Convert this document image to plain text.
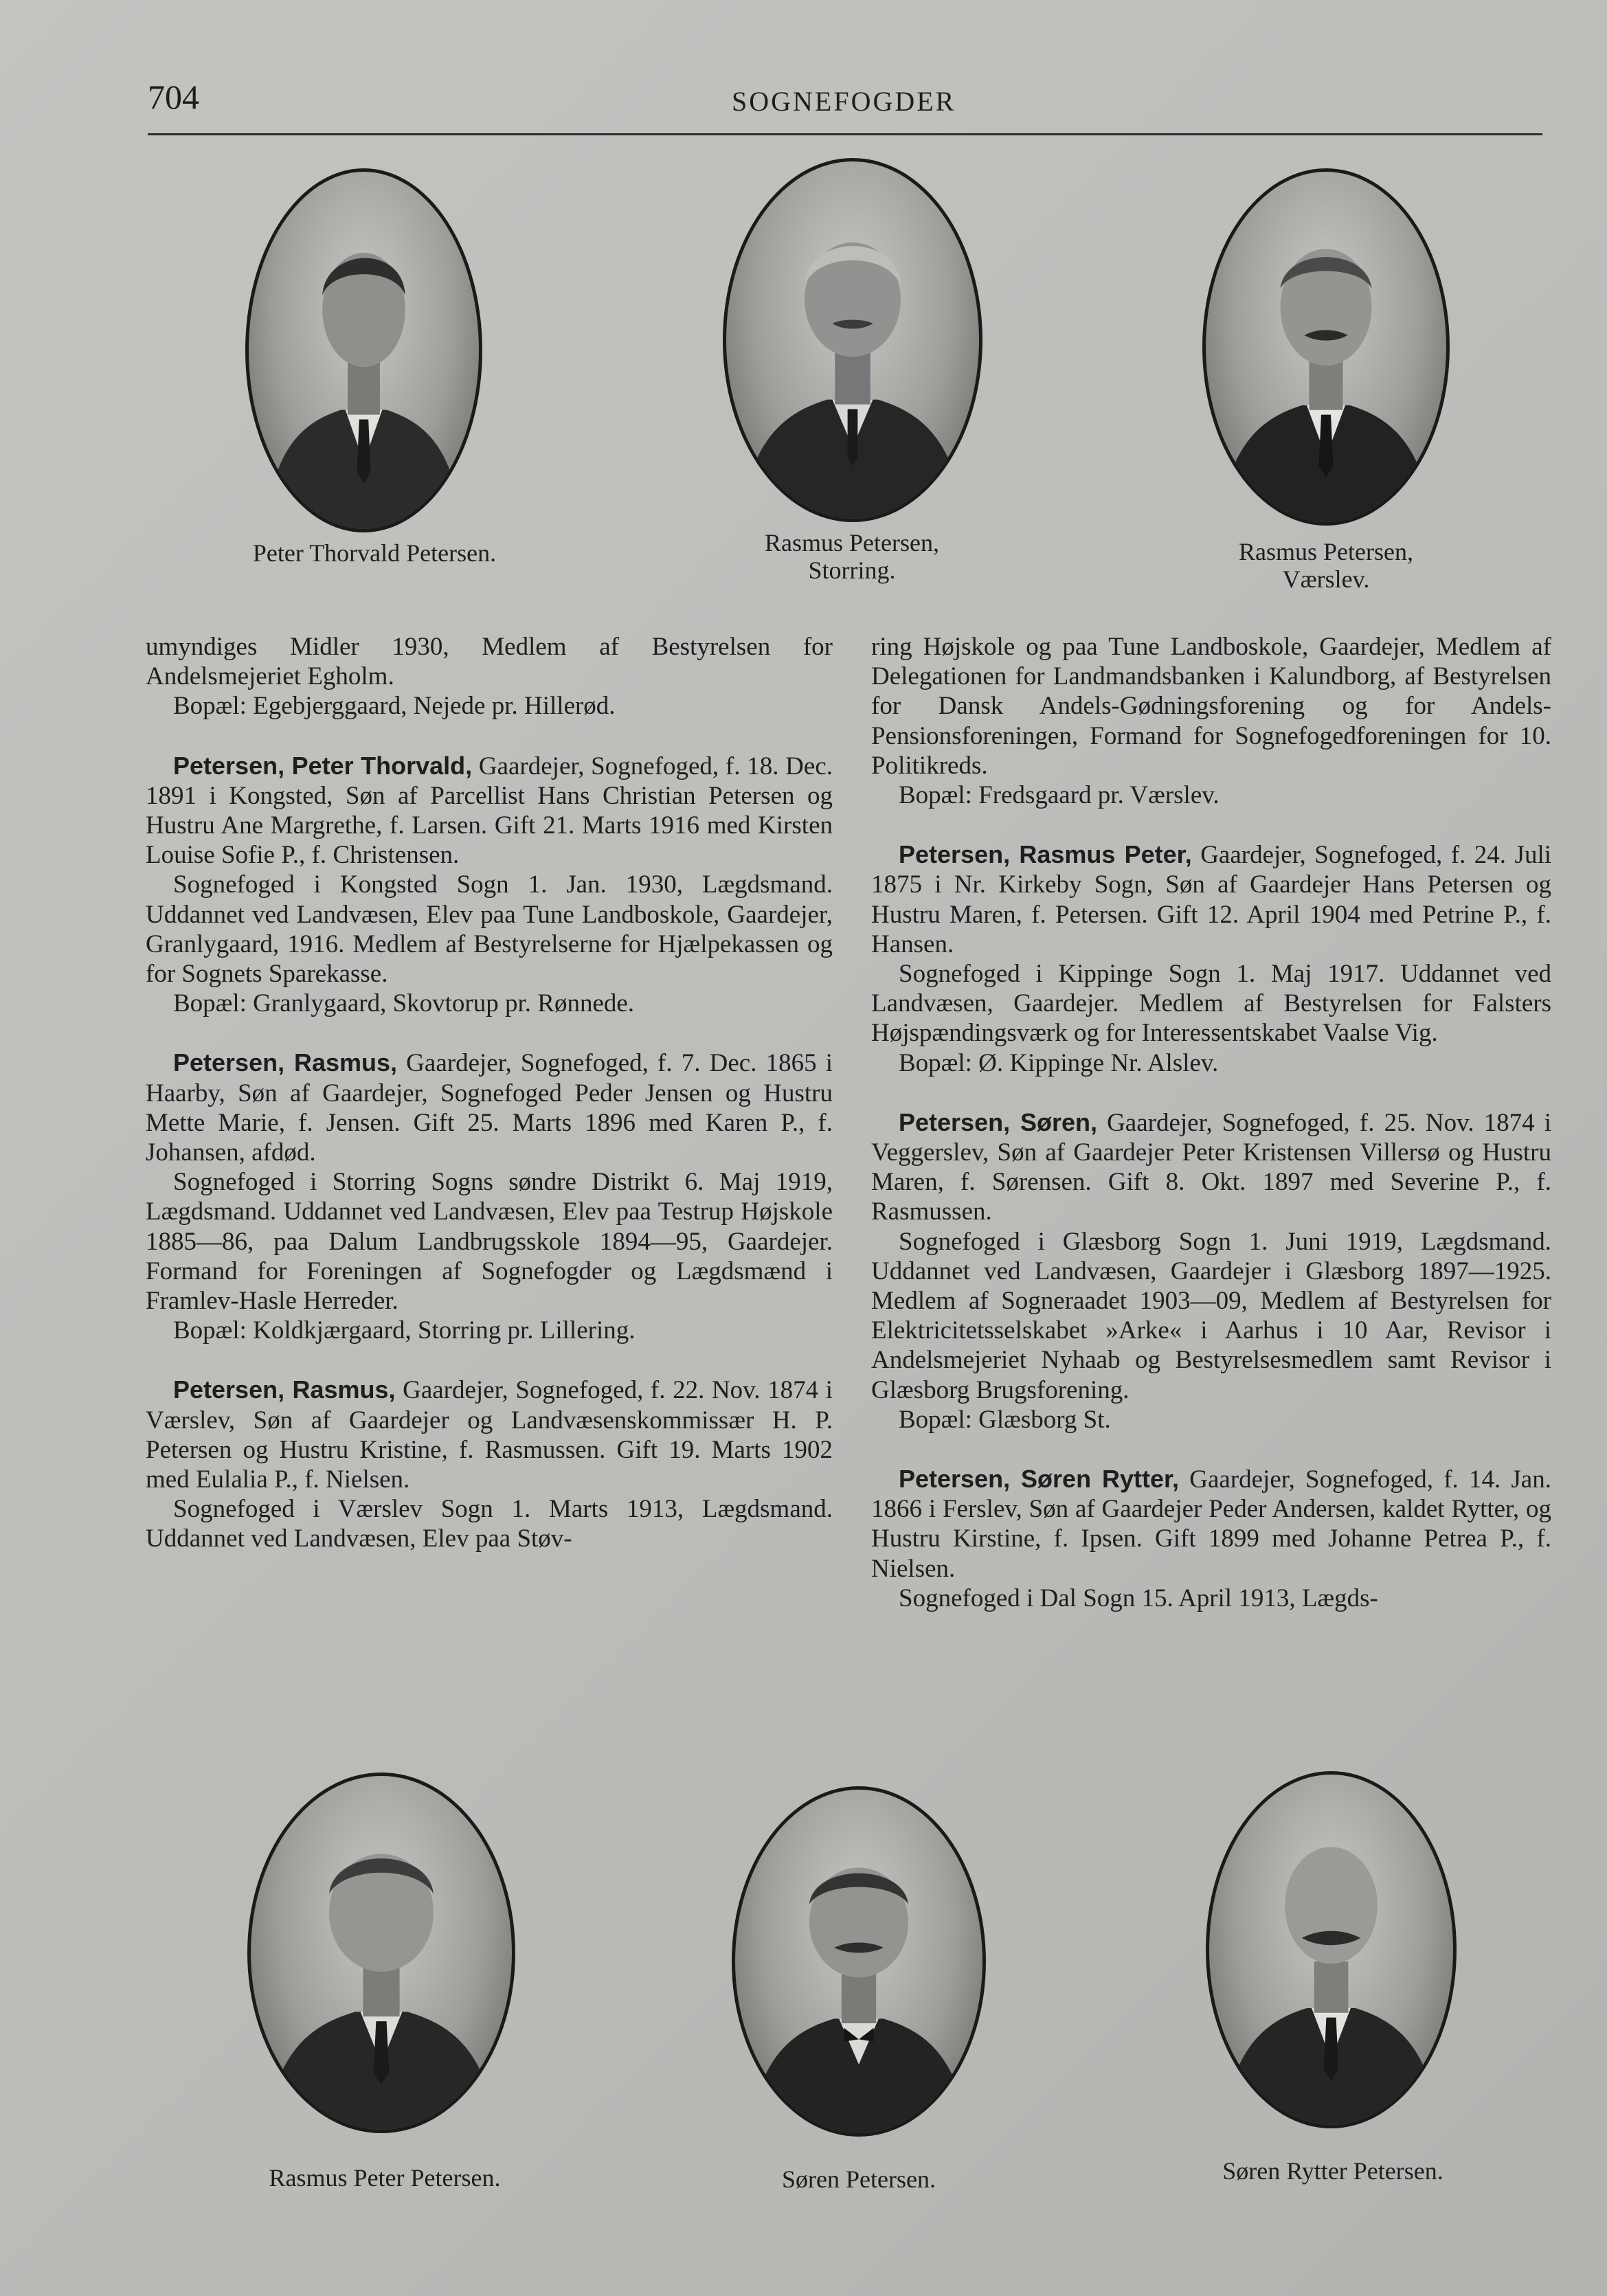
704	SOGNEFOGDER
Peter Thorvald Petersen.	Rasmus Petersen,
Storring.
Rasmus Petersen,
Værslev.

umyndiges Midler 1930, Medlem af Bestyrelsen for Andelsmejeriet Egholm.

Bopæl: Egebjerggaard, Nejede pr. Hillerød.

Petersen, Peter Thorvald, Gaardejer, Sognefoged, f. 18. Dec. 1891 i Kongsted, Søn af Parcellist Hans Christian Petersen og Hustru Ane Margrethe, f. Larsen. Gift 21. Marts 1916 med Kirsten Louise Sofie P., f. Christensen.

Sognefoged i Kongsted Sogn 1. Jan. 1930, Lægdsmand. Uddannet ved Landvæsen, Elev paa Tune Landboskole, Gaardejer, Granlygaard, 1916. Medlem af Bestyrelserne for Hjælpekassen og for Sognets Sparekasse.

Bopæl: Granlygaard, Skovtorup pr. Rønnede.

Petersen, Rasmus, Gaardejer, Sognefoged, f. 7. Dec. 1865 i Haarby, Søn af Gaardejer, Sognefoged Peder Jensen og Hustru Mette Marie, f. Jensen. Gift 25. Marts 1896 med Karen P., f. Johansen, afdød.

Sognefoged i Storring Sogns søndre Distrikt 6. Maj 1919, Lægdsmand. Uddannet ved Landvæsen, Elev paa Testrup Højskole 1885—86, paa Dalum Landbrugsskole 1894—95, Gaardejer. Formand for Foreningen af Sognefogder og Lægdsmænd i Framlev-Hasle Herreder.

Bopæl: Koldkjærgaard, Storring pr. Lillering.

Petersen, Rasmus, Gaardejer, Sognefoged, f. 22. Nov. 1874 i Værslev, Søn af Gaardejer og Landvæsenskommissær H. P. Petersen og Hustru Kristine, f. Rasmussen. Gift 19. Marts 1902 med Eulalia P., f. Nielsen.

Sognefoged i Værslev Sogn 1. Marts 1913, Lægdsmand. Uddannet ved Landvæsen, Elev paa Støv-

ring Højskole og paa Tune Landboskole, Gaardejer, Medlem af Delegationen for Landmandsbanken i Kalundborg, af Bestyrelsen for Dansk Andels-Gødningsforening og for Andels-Pensionsforeningen, Formand for Sognefogedforeningen for 10. Politikreds.

Bopæl: Fredsgaard pr. Værslev.

Petersen, Rasmus Peter, Gaardejer, Sognefoged, f. 24. Juli 1875 i Nr. Kirkeby Sogn, Søn af Gaardejer Hans Petersen og Hustru Maren, f. Petersen. Gift 12. April 1904 med Petrine P., f. Hansen.

Sognefoged i Kippinge Sogn 1. Maj 1917. Uddannet ved Landvæsen, Gaardejer. Medlem af Bestyrelsen for Falsters Højspændingsværk og for Interessentskabet Vaalse Vig.

Bopæl: Ø. Kippinge Nr. Alslev.

Petersen, Søren, Gaardejer, Sognefoged, f. 25. Nov. 1874 i Veggerslev, Søn af Gaardejer Peter Kristensen Villersø og Hustru Maren, f. Sørensen. Gift 8. Okt. 1897 med Severine P., f. Rasmussen.

Sognefoged i Glæsborg Sogn 1. Juni 1919, Lægdsmand. Uddannet ved Landvæsen, Gaardejer i Glæsborg 1897—1925. Medlem af Sogneraadet 1903—09, Medlem af Bestyrelsen for Elektricitetsselskabet »Arke« i Aarhus i 10 Aar, Revisor i Andelsmejeriet Nyhaab og Bestyrelsesmedlem samt Revisor i Glæsborg Brugsforening.

Bopæl: Glæsborg St.

Petersen, Søren Rytter, Gaardejer, Sognefoged, f. 14. Jan. 1866 i Ferslev, Søn af Gaardejer Peder Andersen, kaldet Rytter, og Hustru Kirstine, f. Ipsen. Gift 1899 med Johanne Petrea P., f. Nielsen.

Sognefoged i Dal Sogn 15. April 1913, Lægds-

Rasmus Peter Petersen.	Søren Petersen.	Søren Rytter Petersen.
